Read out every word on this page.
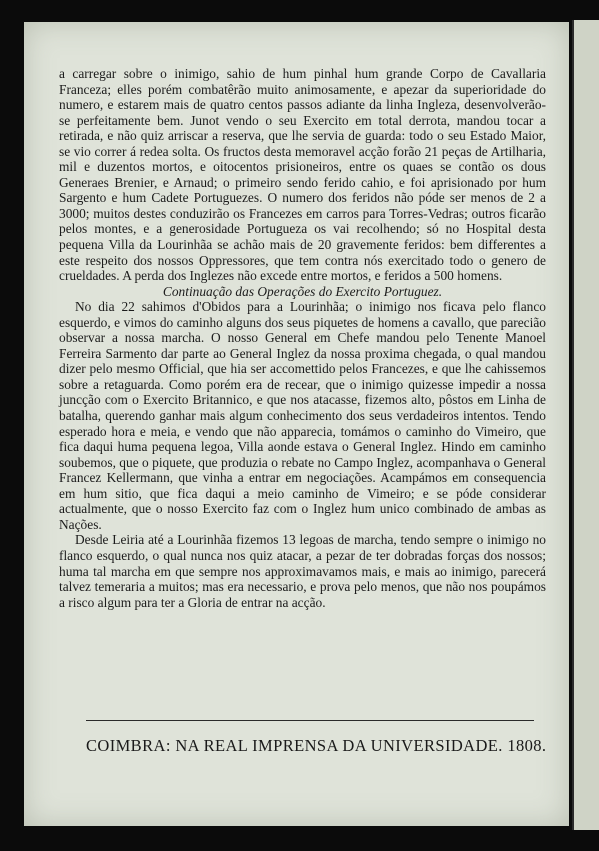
a carregar sobre o inimigo, sahio de hum pinhal hum grande Corpo de Cavallaria Franceza; elles porém combatêrão muito animosamente, e apezar da superioridade do numero, e estarem mais de quatro centos passos adiante da linha Ingleza, desenvolverão-se perfeitamente bem. Junot vendo o seu Exercito em total derrota, mandou tocar a retirada, e não quiz arriscar a reserva, que lhe servia de guarda: todo o seu Estado Maior, se vio correr á redea solta. Os fructos desta memoravel acção forão 21 peças de Artilharia, mil e duzentos mortos, e oitocentos prisioneiros, entre os quaes se contão os dous Generaes Brenier, e Arnaud; o primeiro sendo ferido cahio, e foi aprisionado por hum Sargento e hum Cadete Portuguezes. O numero dos feridos não póde ser menos de 2 a 3000; muitos destes conduzirão os Francezes em carros para Torres-Vedras; outros ficarão pelos montes, e a generosidade Portugueza os vai recolhendo; só no Hospital desta pequena Villa da Lourinhãa se achão mais de 20 gravemente feridos: bem differentes a este respeito dos nossos Oppressores, que tem contra nós exercitado todo o genero de crueldades. A perda dos Inglezes não excede entre mortos, e feridos a 500 homens.

Continuação das Operações do Exercito Portuguez.

No dia 22 sahimos d'Obidos para a Lourinhãa; o inimigo nos ficava pelo flanco esquerdo, e vimos do caminho alguns dos seus piquetes de homens a cavallo, que parecião observar a nossa marcha. O nosso General em Chefe mandou pelo Tenente Manoel Ferreira Sarmento dar parte ao General Inglez da nossa proxima chegada, o qual mandou dizer pelo mesmo Official, que hia ser accomettido pelos Francezes, e que lhe cahissemos sobre a retaguarda. Como porém era de recear, que o inimigo quizesse impedir a nossa juncção com o Exercito Britannico, e que nos atacasse, fizemos alto, pôstos em Linha de batalha, querendo ganhar mais algum conhecimento dos seus verdadeiros intentos. Tendo esperado hora e meia, e vendo que não apparecia, tomámos o caminho do Vimeiro, que fica daqui huma pequena legoa, Villa aonde estava o General Inglez. Hindo em caminho soubemos, que o piquete, que produzia o rebate no Campo Inglez, acompanhava o General Francez Kellermann, que vinha a entrar em negociações. Acampámos em consequencia em hum sitio, que fica daqui a meio caminho de Vimeiro; e se póde considerar actualmente, que o nosso Exercito faz com o Inglez hum unico combinado de ambas as Nações.

Desde Leiria até a Lourinhãa fizemos 13 legoas de marcha, tendo sempre o inimigo no flanco esquerdo, o qual nunca nos quiz atacar, a pezar de ter dobradas forças dos nossos; huma tal marcha em que sempre nos approximavamos mais, e mais ao inimigo, parecerá talvez temeraria a muitos; mas era necessario, e prova pelo menos, que não nos poupámos a risco algum para ter a Gloria de entrar na acção.

COIMBRA: NA REAL IMPRENSA DA UNIVERSIDADE. 1808.
